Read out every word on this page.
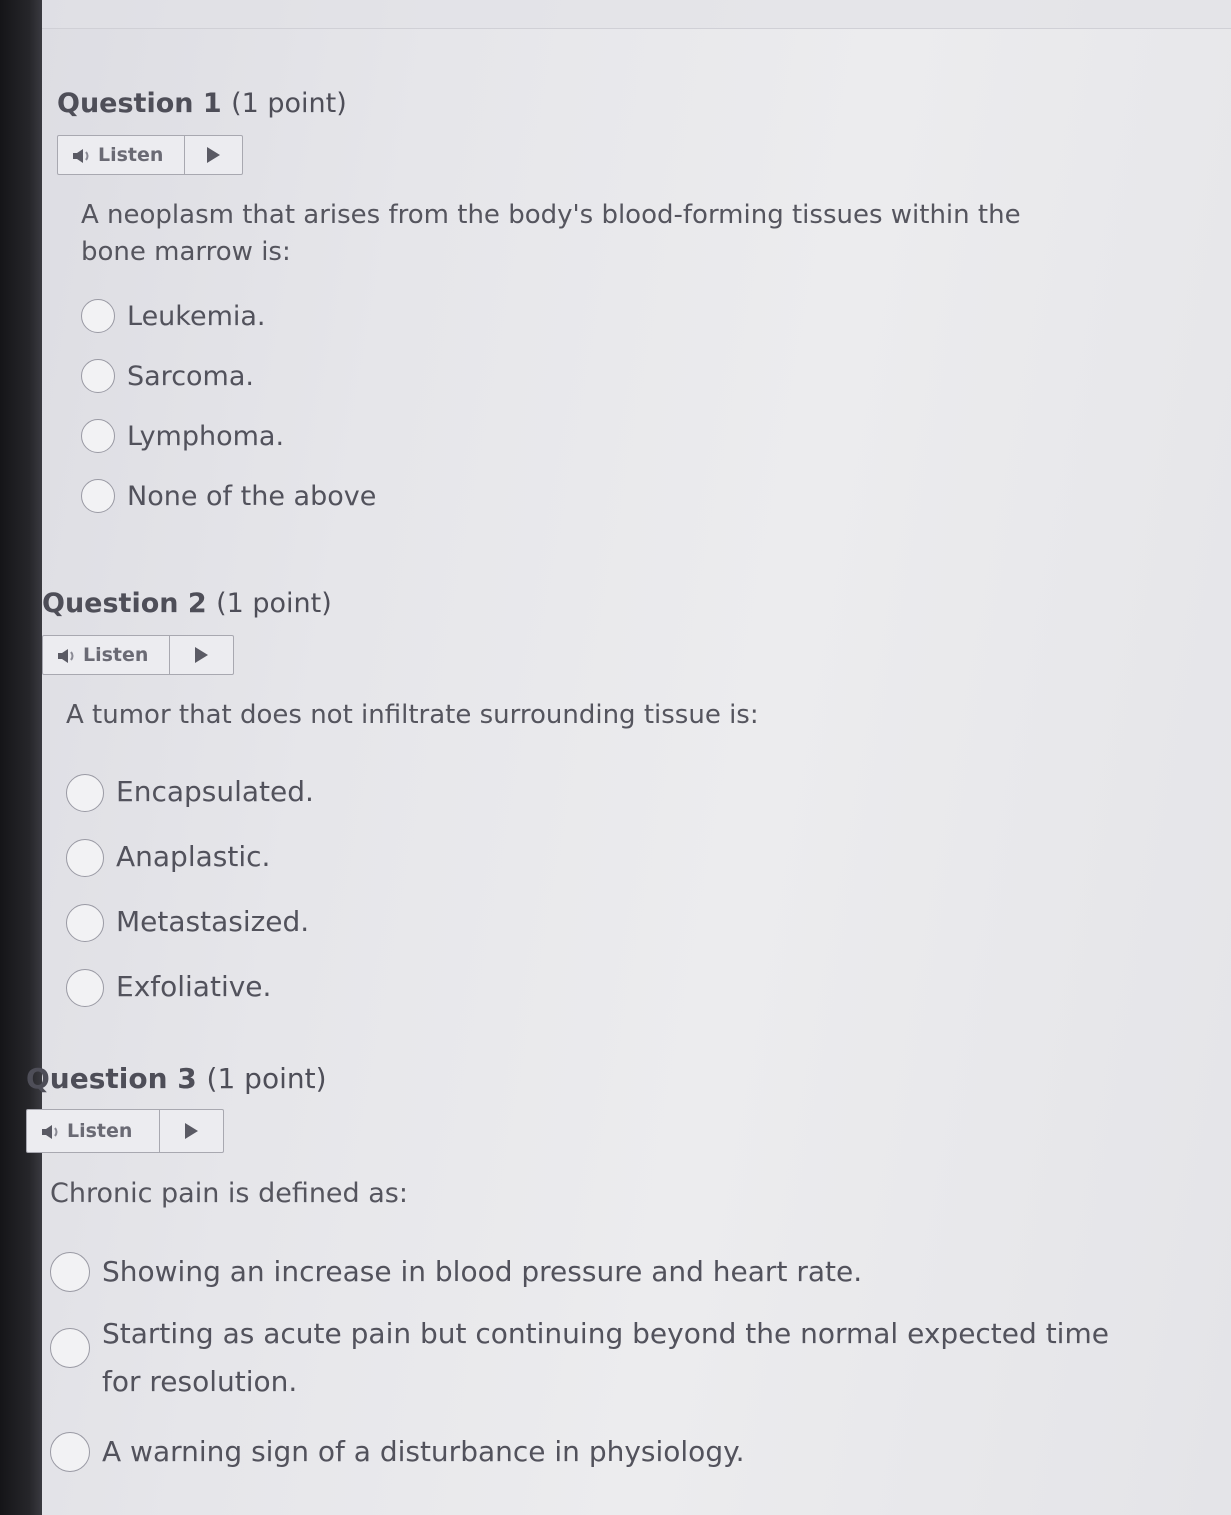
Question 1 (1 point)
Listen

A neoplasm that arises from the body's blood-forming tissues within the bone marrow is:

Leukemia.
Sarcoma.
Lymphoma.
None of the above
Question 2 (1 point)
Listen

A tumor that does not infiltrate surrounding tissue is:

Encapsulated.
Anaplastic.
Metastasized.
Exfoliative.
Question 3 (1 point)
Listen

Chronic pain is defined as:

Showing an increase in blood pressure and heart rate.
Starting as acute pain but continuing beyond the normal expected time for resolution.
A warning sign of a disturbance in physiology.
